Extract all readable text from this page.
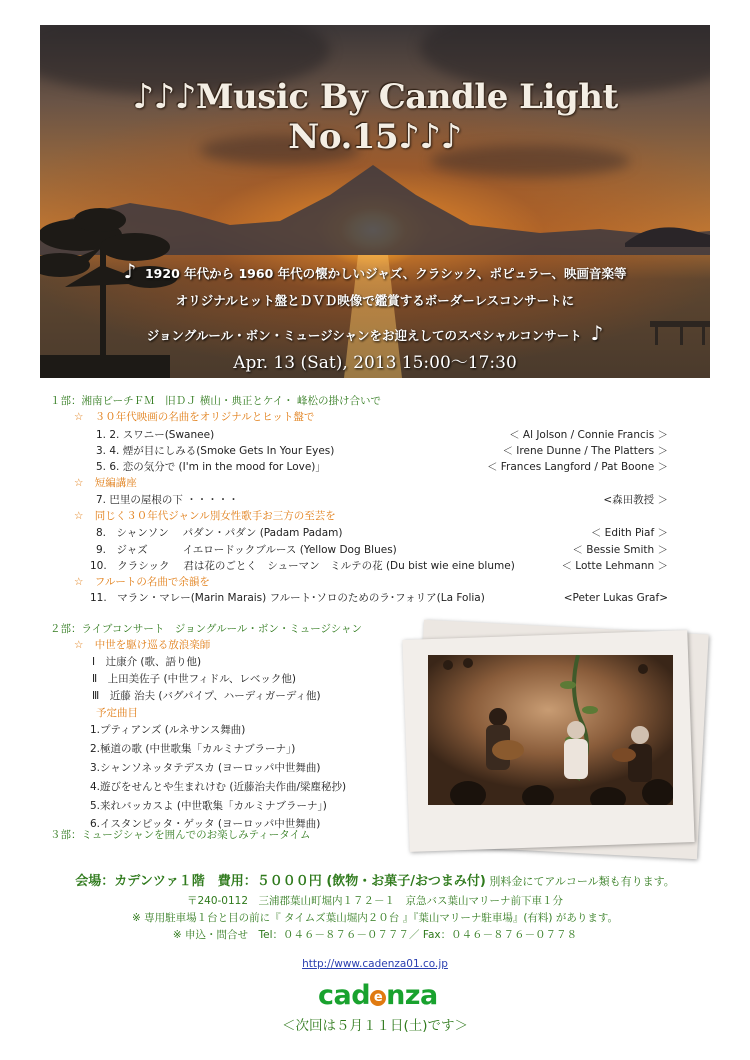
♪♪♪Music By Candle Light No.15♪♪♪
♪ 1920 年代から 1960 年代の懐かしいジャズ、クラシック、ポピュラー、映画音楽等
オリジナルヒット盤とＤＶＤ映像で鑑賞するボーダーレスコンサートに
ジョングルール・ボン・ミュージシャンをお迎えしてのスペシャルコンサート ♪
Apr. 13 (Sat), 2013 15:00～17:30
１部：湘南ビーチＦＭ　旧ＤＪ 横山・典正とケイ・ 峰松の掛け合いで
☆ ３０年代映画の名曲をオリジナルとヒット盤で
1. 2. スワニー(Swanee)	＜ Al Jolson / Connie Francis ＞
3. 4. 煙が目にしみる(Smoke Gets In Your Eyes)	＜ Irene Dunne / The Platters ＞
5. 6. 恋の気分で (I'm in the mood for Love)」	＜ Frances Langford / Pat Boone ＞
☆ 短編講座
7. 巴里の屋根の下 ・・・・・	<森田教授 ＞
☆ 同じく３０年代ジャンル別女性歌手お三方の至芸を
8.　シャンソン　 パダン・パダン (Padam Padam)	＜ Edith Piaf ＞
9.　ジャズ　　　 イエロードックブルース (Yellow Dog Blues)	＜ Bessie Smith ＞
10.　クラシック　 君は花のごとく　シューマン　ミルテの花 (Du bist wie eine blume)	＜ Lotte Lehmann ＞
☆ フルートの名曲で余韻を
11.　マラン・マレー(Marin Marais) フルート･ソロのためのラ･フォリア(La Folia)	<Peter Lukas Graf>
２部：ライブコンサート　ジョングルール・ボン・ミュージシャン
☆ 中世を駆け巡る放浪楽師
Ⅰ　辻康介 (歌、語り他)
Ⅱ　上田美佐子 (中世フィドル、レベック他)
Ⅲ　近藤 治夫 (バグパイプ、ハーディガーディ他)
予定曲目
1.プティアンズ (ルネサンス舞曲)
2.極道の歌 (中世歌集「カルミナブラーナ」)
3.シャンソネッタテデスカ (ヨーロッパ中世舞曲)
4.遊びをせんとや生まれけむ (近藤治夫作曲/梁塵秘抄)
5.来れバッカスよ (中世歌集「カルミナブラーナ」)
6.イスタンピッタ・ゲッタ (ヨーロッパ中世舞曲)
３部：ミュージシャンを囲んでのお楽しみティータイム
会場：カデンツァ１階　費用：５０００円 (飲物・お菓子/おつまみ付) 別料金にてアルコール類も有ります。
〒240-0112　三浦郡葉山町堀内１７２－１　京急バス葉山マリーナ前下車１分
※ 専用駐車場１台と目の前に『 タイムズ葉山堀内２０台 』『葉山マリーナ駐車場』(有料) があります。
※ 申込・問合せ　Tel：０４６－８７６－０７７７／ Fax：０４６－８７６－０７７８
http://www.cadenza01.co.jp
cad e nza
＜次回は５月１１日(土)です＞
